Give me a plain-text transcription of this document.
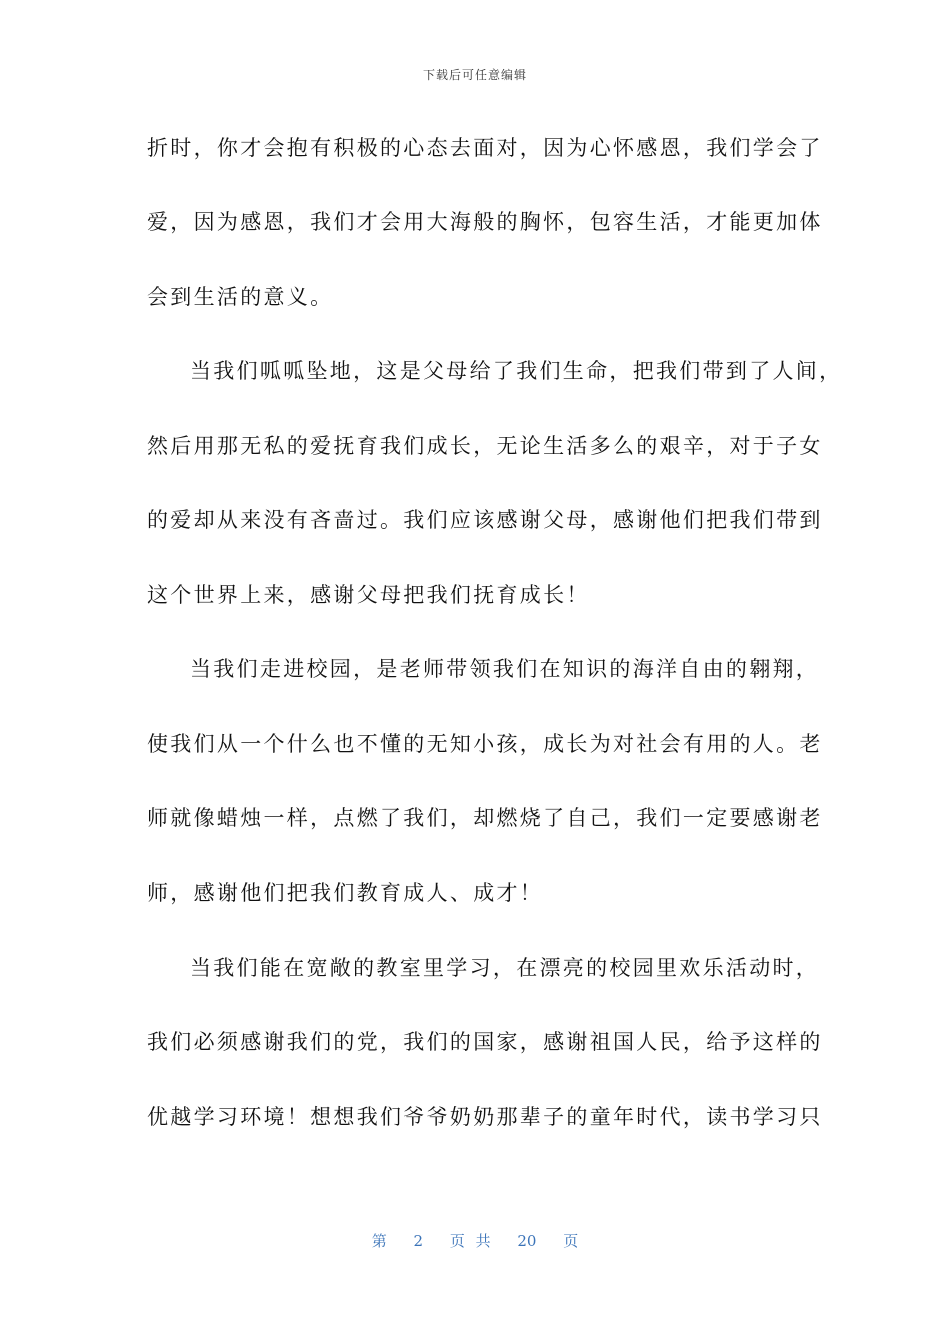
下载后可任意编辑
折时，你才会抱有积极的心态去面对，因为心怀感恩，我们学会了
爱，因为感恩，我们才会用大海般的胸怀，包容生活，才能更加体
会到生活的意义。
当我们呱呱坠地，这是父母给了我们生命，把我们带到了人间，
然后用那无私的爱抚育我们成长，无论生活多么的艰辛，对于子女
的爱却从来没有吝啬过。我们应该感谢父母，感谢他们把我们带到
这个世界上来，感谢父母把我们抚育成长！
当我们走进校园，是老师带领我们在知识的海洋自由的翱翔，
使我们从一个什么也不懂的无知小孩，成长为对社会有用的人。老
师就像蜡烛一样，点燃了我们，却燃烧了自己，我们一定要感谢老
师，感谢他们把我们教育成人、成才！
当我们能在宽敞的教室里学习，在漂亮的校园里欢乐活动时，
我们必须感谢我们的党，我们的国家，感谢祖国人民，给予这样的
优越学习环境！想想我们爷爷奶奶那辈子的童年时代，读书学习只
第 2 页 共 20 页
